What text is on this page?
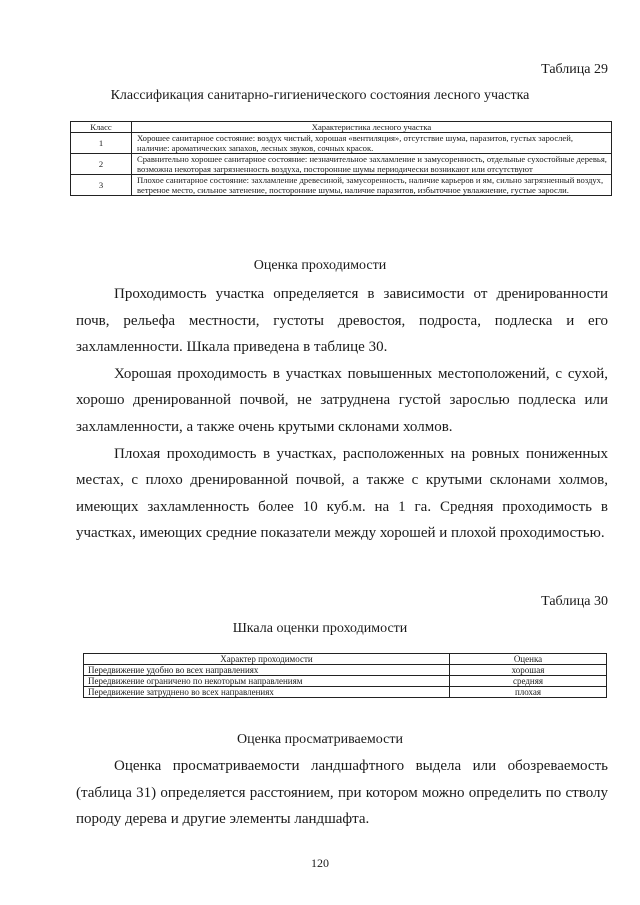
Таблица 29
Классификация санитарно-гигиенического состояния лесного участка
Класс	Характеристика лесного участка
1	Хорошее санитарное состояние: воздух чистый, хорошая «вентиляция», отсутствие шума, паразитов, густых зарослей, наличие: ароматических запахов, лесных звуков, сочных красок.
2	Сравнительно хорошее санитарное состояние: незначительное захламление и замусоренность, отдельные сухостойные деревья, возможна некоторая загрязненность воздуха, посторонние шумы периодически возникают или отсутствуют
3	Плохое санитарное состояние: захламление древесиной, замусоренность, наличие карьеров и ям, сильно загрязненный воздух, ветреное место, сильное затенение, посторонние шумы, наличие паразитов, избыточное увлажнение, густые заросли.
Оценка проходимости

Проходимость участка определяется в зависимости от дренированности почв, рельефа местности, густоты древостоя, подроста, подлеска и его захламленности. Шкала приведена в таблице 30.

Хорошая проходимость в участках повышенных местоположений, с сухой, хорошо дренированной почвой, не затруднена густой зарослью подлеска или захламленности, а также очень крутыми склонами холмов.

Плохая проходимость в участках, расположенных на ровных пониженных местах, с плохо дренированной почвой, а также с крутыми склонами холмов, имеющих захламленность более 10 куб.м. на 1 га. Средняя проходимость в участках, имеющих средние показатели между хорошей и плохой проходимостью.

Таблица 30
Шкала оценки проходимости
Характер проходимости	Оценка
Передвижение удобно во всех направлениях	хорошая
Передвижение ограничено по некоторым направлениям	средняя
Передвижение затруднено во всех направлениях	плохая
Оценка просматриваемости

Оценка просматриваемости ландшафтного выдела или обозреваемость (таблица 31) определяется расстоянием, при котором можно определить по стволу породу дерева и другие элементы ландшафта.

120
